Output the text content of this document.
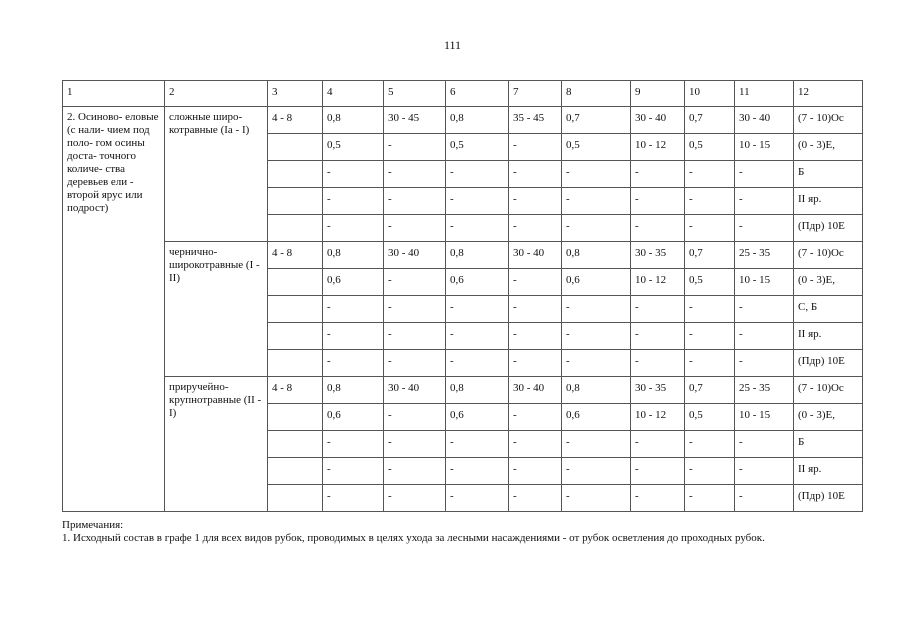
111
1	2	3	4	5	6	7	8	9	10	11	12
2. Осиново- еловые (с нали- чием под поло- гом осины доста- точного количе- ства деревьев ели - второй ярус или подрост)	сложные широ- котравные (Ia - I)	4 - 8	0,8	30 - 45	0,8	35 - 45	0,7	30 - 40	0,7	30 - 40	(7 - 10)Ос
			0,5	-	0,5	-	0,5	10 - 12	0,5	10 - 15	(0 - 3)Е,
			-	-	-	-	-	-	-	-	Б
			-	-	-	-	-	-	-	-	II яр.
			-	-	-	-	-	-	-	-	(Пдр) 10Е
	чернично- широкотравные (I - II)	4 - 8	0,8	30 - 40	0,8	30 - 40	0,8	30 - 35	0,7	25 - 35	(7 - 10)Ос
			0,6	-	0,6	-	0,6	10 - 12	0,5	10 - 15	(0 - 3)Е,
			-	-	-	-	-	-	-	-	С, Б
			-	-	-	-	-	-	-	-	II яр.
			-	-	-	-	-	-	-	-	(Пдр) 10Е
	приручейно- крупнотравные (II - I)	4 - 8	0,8	30 - 40	0,8	30 - 40	0,8	30 - 35	0,7	25 - 35	(7 - 10)Ос
			0,6	-	0,6	-	0,6	10 - 12	0,5	10 - 15	(0 - 3)Е,
			-	-	-	-	-	-	-	-	Б
			-	-	-	-	-	-	-	-	II яр.
			-	-	-	-	-	-	-	-	(Пдр) 10Е

Примечания:

1. Исходный состав в графе 1 для всех видов рубок, проводимых в целях ухода за лесными насаждениями - от рубок осветления до проходных рубок.
